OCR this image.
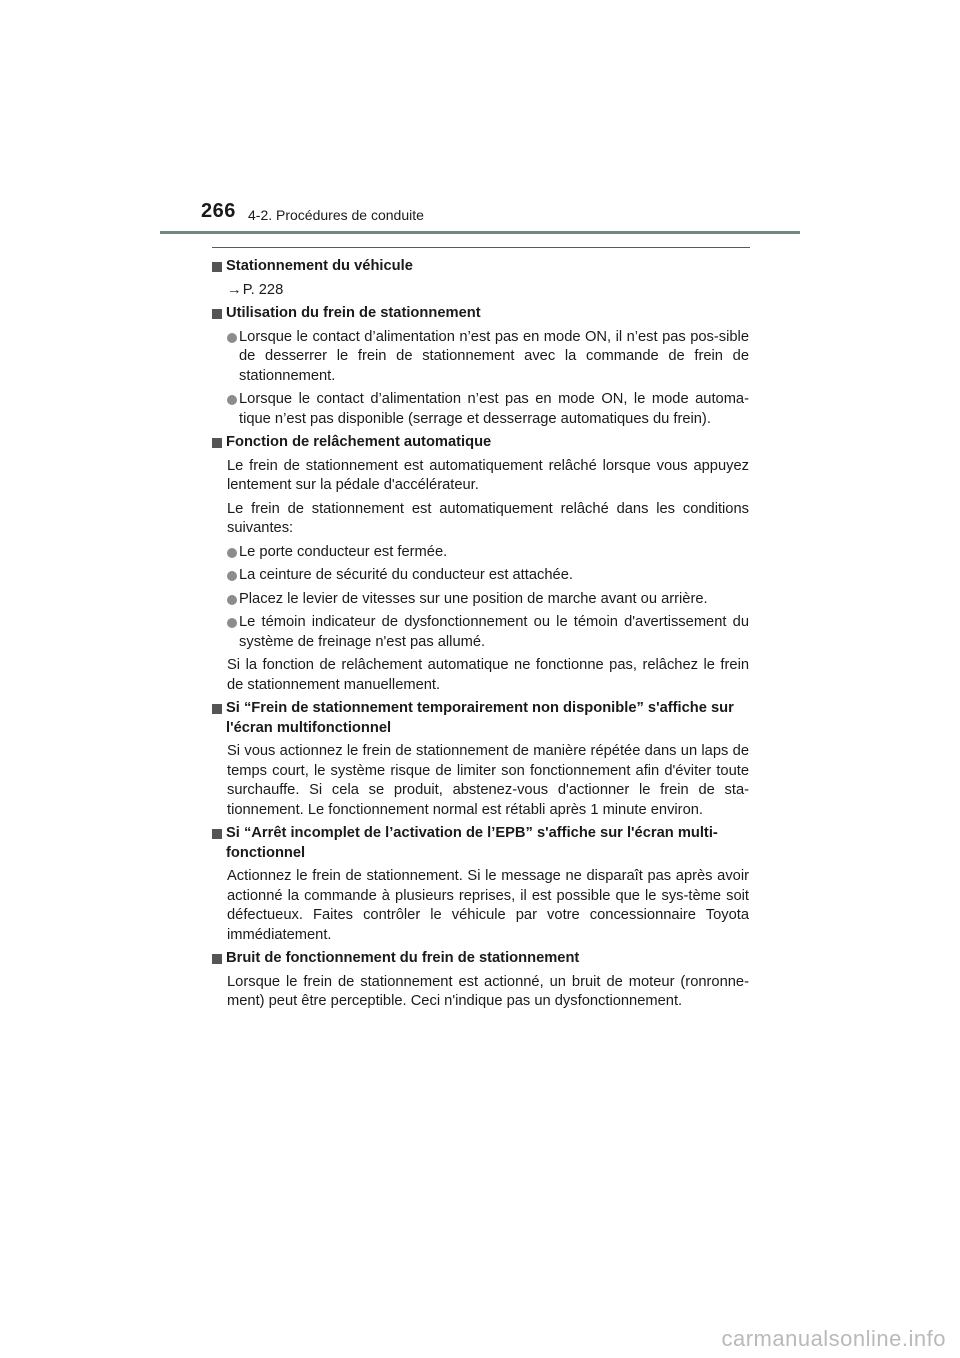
266 4-2. Procédures de conduite
Stationnement du véhicule
→P. 228
Utilisation du frein de stationnement
Lorsque le contact d’alimentation n’est pas en mode ON, il n’est pas pos-sible de desserrer le frein de stationnement avec la commande de frein de stationnement.
Lorsque le contact d’alimentation n’est pas en mode ON, le mode automa-tique n’est pas disponible (serrage et desserrage automatiques du frein).
Fonction de relâchement automatique
Le frein de stationnement est automatiquement relâché lorsque vous appuyez lentement sur la pédale d'accélérateur.
Le frein de stationnement est automatiquement relâché dans les conditions suivantes:
Le porte conducteur est fermée.
La ceinture de sécurité du conducteur est attachée.
Placez le levier de vitesses sur une position de marche avant ou arrière.
Le témoin indicateur de dysfonctionnement ou le témoin d'avertissement du système de freinage n'est pas allumé.
Si la fonction de relâchement automatique ne fonctionne pas, relâchez le frein de stationnement manuellement.
Si “Frein de stationnement temporairement non disponible” s'affiche sur l'écran multifonctionnel
Si vous actionnez le frein de stationnement de manière répétée dans un laps de temps court, le système risque de limiter son fonctionnement afin d'éviter toute surchauffe. Si cela se produit, abstenez-vous d'actionner le frein de sta-tionnement. Le fonctionnement normal est rétabli après 1 minute environ.
Si “Arrêt incomplet de l’activation de l’EPB” s'affiche sur l'écran multi-fonctionnel
Actionnez le frein de stationnement. Si le message ne disparaît pas après avoir actionné la commande à plusieurs reprises, il est possible que le sys-tème soit défectueux. Faites contrôler le véhicule par votre concessionnaire Toyota immédiatement.
Bruit de fonctionnement du frein de stationnement
Lorsque le frein de stationnement est actionné, un bruit de moteur (ronronne-ment) peut être perceptible. Ceci n'indique pas un dysfonctionnement.
carmanualsonline.info
